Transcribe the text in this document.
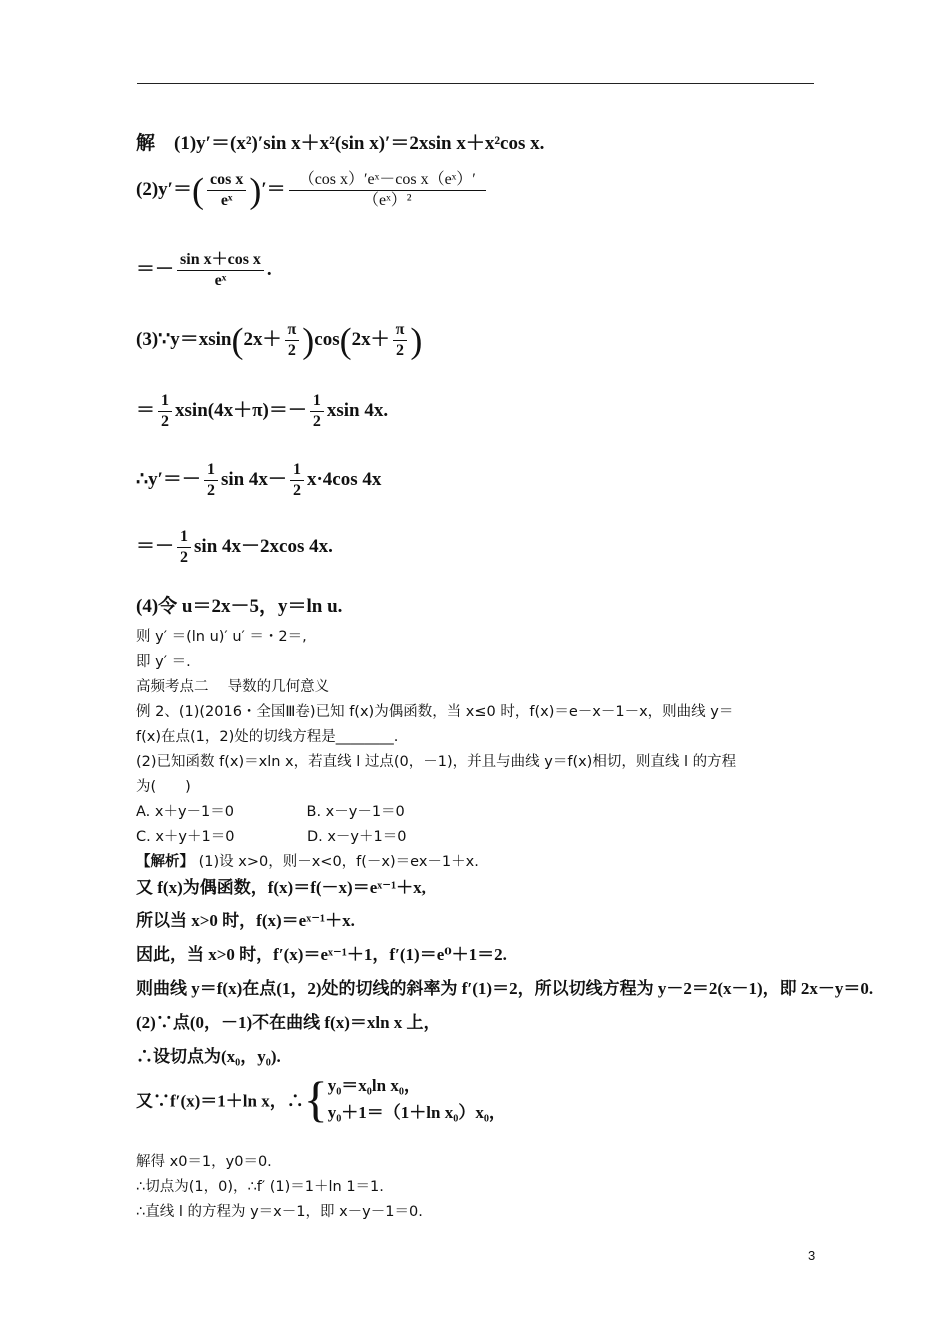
解　(1)y′＝(x²)′sin x＋x²(sin x)′＝2xsin x＋x²cos x.
$(2)y'=( \frac{\text{cos x}}{\text{eˣ}}$ )′＝ $\frac{\text{（cos x）′eˣ－cos x（eˣ）′}}{\text{（eˣ）²}}$
＝－ $\frac{\text{sin x＋cos x}}{\text{eˣ}}$ .
(3)∵y＝xsin(2x＋ $\frac{\pi}{2} )\cos(2x+ \frac{\pi}{2}$ )
＝ $\frac{1}{2} xsin(4x+\pi)=- \frac{1}{2}$ xsin 4x.
∴y′＝－ $\frac{1}{2}$ $\sin 4x- \frac{1}{2} x\cdot 4\cos$ 4x
＝－ $\frac{1}{2}$ sin 4x－2xcos 4x.
(4)令 u＝2x－5，y＝ln u.
则 y′ ＝(ln u)′ u′ ＝・2＝,
即 y′ ＝.
高频考点二　 导数的几何意义
例 2、(1)(2016・全国Ⅲ卷)已知 f(x)为偶函数，当 x≤0 时，f(x)＝e－x－1－x，则曲线 y＝
f(x)在点(1，2)处的切线方程是________.
(2)已知函数 f(x)＝xln x，若直线 l 过点(0，－1)，并且与曲线 y＝f(x)相切，则直线 l 的方程
为(　　)
A. x＋y－1＝0　　　　　B. x－y－1＝0
C. x＋y＋1＝0　　　　　D. x－y＋1＝0
【解析】 (1)设 x>0，则－x<0，f(－x)＝ex－1＋x.
又 f(x)为偶函数，f(x)＝f(－x)＝eˣ⁻¹＋x,
所以当 x>0 时，f(x)＝eˣ⁻¹＋x.
因此，当 x>0 时，f′(x)＝eˣ⁻¹＋1，f′(1)＝e⁰＋1＝2.
则曲线 y＝f(x)在点(1，2)处的切线的斜率为 f′(1)＝2，所以切线方程为 y－2＝2(x－1)，即 2x－y＝0.
(2)∵点(0，－1)不在曲线 f(x)＝xln x 上，
∴设切点为(x₀，y₀).
又∵f′(x)＝1＋ln x，∴{ y₀＝x₀ln x₀，
y₀＋1＝（1＋ln x₀）x₀，
解得 x0＝1，y0＝0.
∴切点为(1，0)，∴f′ (1)＝1＋ln 1＝1.
∴直线 l 的方程为 y＝x－1，即 x－y－1＝0.
3
